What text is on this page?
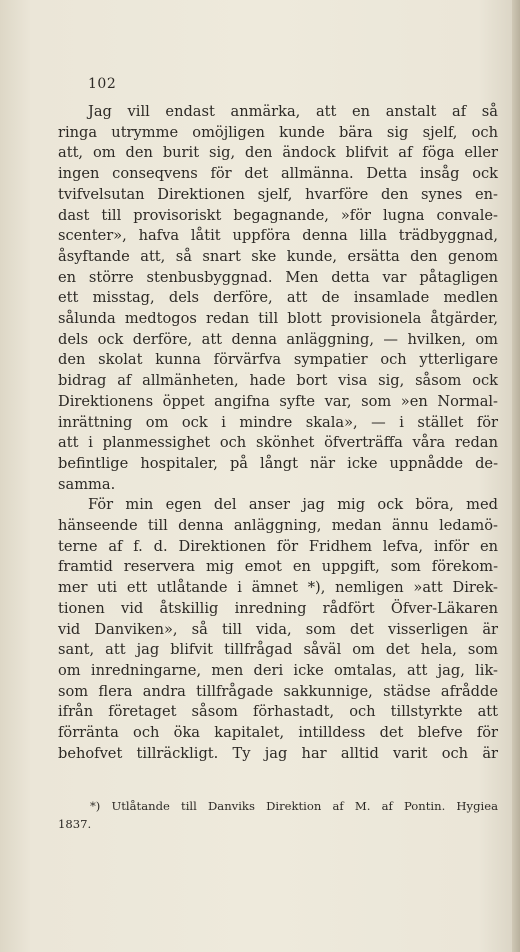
102
Jag vill endast anmärka, att en anstalt af så
ringa utrymme omöjligen kunde bära sig sjelf, och
att, om den burit sig, den ändock blifvit af föga eller
ingen conseqvens för det allmänna. Detta insåg ock
tvifvelsutan Direktionen sjelf, hvarföre den synes en-
dast till provisoriskt begagnande, »för lugna convale-
scenter», hafva låtit uppföra denna lilla trädbyggnad,
åsyftande att, så snart ske kunde, ersätta den genom
en större stenbusbyggnad. Men detta var påtagligen
ett misstag, dels derföre, att de insamlade medlen
sålunda medtogos redan till blott provisionela åtgärder,
dels ock derföre, att denna anläggning, — hvilken, om
den skolat kunna förvärfva sympatier och ytterligare
bidrag af allmänheten, hade bort visa sig, såsom ock
Direktionens öppet angifna syfte var, som »en Normal-
inrättning om ock i mindre skala», — i stället för
att i planmessighet och skönhet öfverträffa våra redan
befintlige hospitaler, på långt när icke uppnådde de-
samma.
För min egen del anser jag mig ock böra, med
hänseende till denna anläggning, medan ännu ledamö-
terne af f. d. Direktionen för Fridhem lefva, inför en
framtid reservera mig emot en uppgift, som förekom-
mer uti ett utlåtande i ämnet *), nemligen »att Direk-
tionen vid åtskillig inredning rådfört Öfver-Läkaren
vid Danviken», så till vida, som det visserligen är
sant, att jag blifvit tillfrågad såväl om det hela, som
om inredningarne, men deri icke omtalas, att jag, lik-
som flera andra tillfrågade sakkunnige, städse afrådde
ifrån företaget såsom förhastadt, och tillstyrkte att
förränta och öka kapitalet, intilldess det blefve för
behofvet tillräckligt. Ty jag har alltid varit och är
*) Utlåtande till Danviks Direktion af M. af Pontin. Hygiea
1837.
